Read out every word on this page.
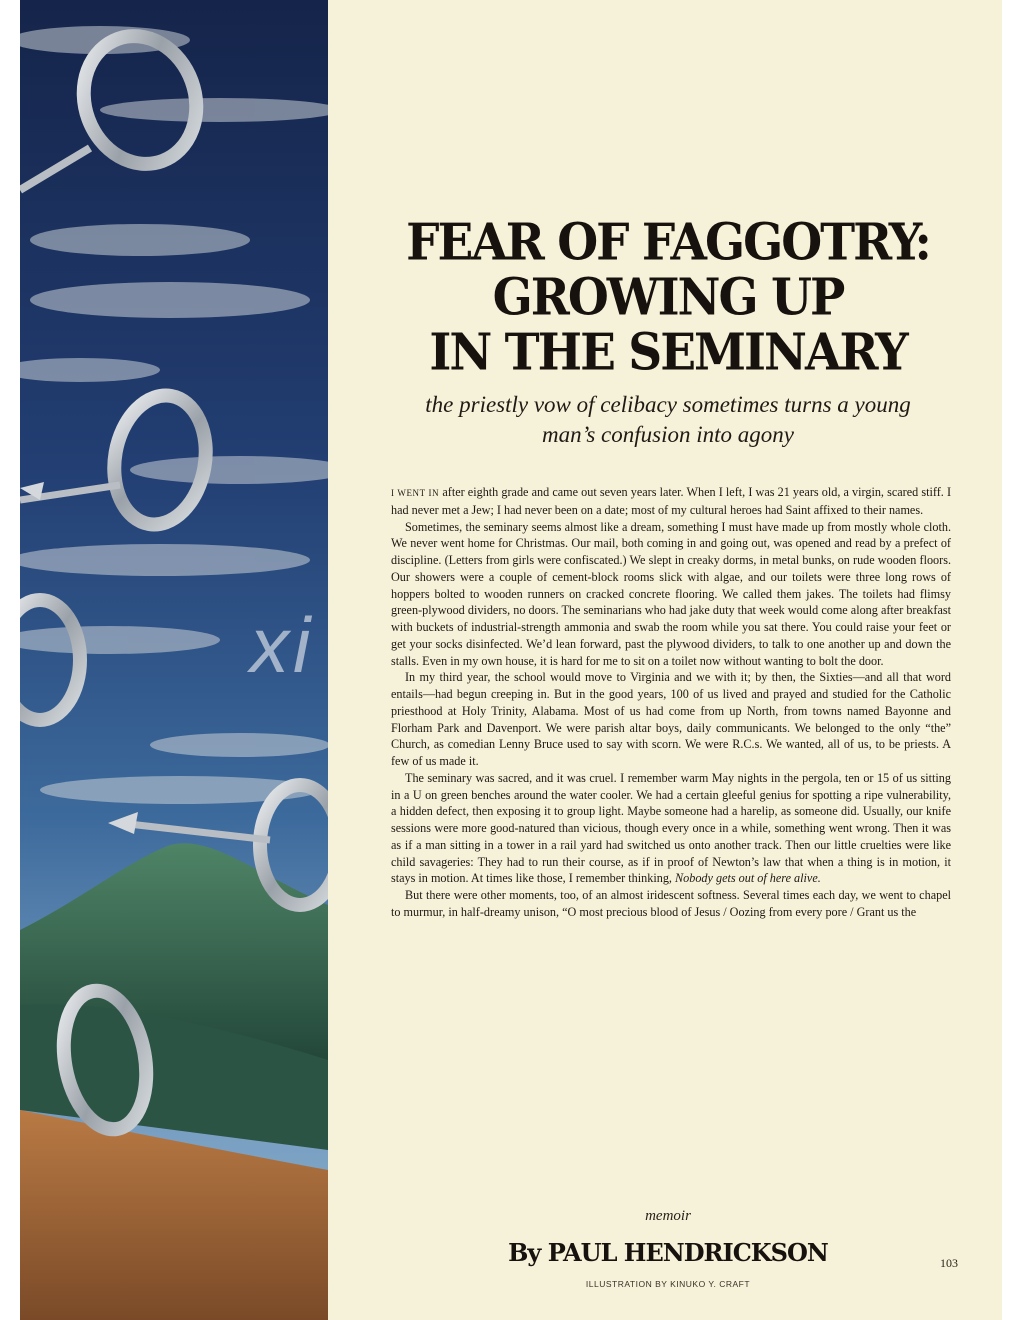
FEAR OF FAGGOTRY:
GROWING UP
IN THE SEMINARY

the priestly vow of celibacy sometimes turns a young
man’s confusion into agony

I WENT IN after eighth grade and came out seven years later. When I left, I was 21 years old, a virgin, scared stiff. I had never met a Jew; I had never been on a date; most of my cultural heroes had Saint affixed to their names.

Sometimes, the seminary seems almost like a dream, something I must have made up from mostly whole cloth. We never went home for Christmas. Our mail, both coming in and going out, was opened and read by a prefect of discipline. (Letters from girls were confiscated.) We slept in creaky dorms, in metal bunks, on rude wooden floors. Our showers were a couple of cement-block rooms slick with algae, and our toilets were three long rows of hoppers bolted to wooden runners on cracked concrete flooring. We called them jakes. The toilets had flimsy green-plywood dividers, no doors. The seminarians who had jake duty that week would come along after breakfast with buckets of industrial-strength ammonia and swab the room while you sat there. You could raise your feet or get your socks disinfected. We’d lean forward, past the plywood dividers, to talk to one another up and down the stalls. Even in my own house, it is hard for me to sit on a toilet now without wanting to bolt the door.

In my third year, the school would move to Virginia and we with it; by then, the Sixties—and all that word entails—had begun creeping in. But in the good years, 100 of us lived and prayed and studied for the Catholic priesthood at Holy Trinity, Alabama. Most of us had come from up North, from towns named Bayonne and Florham Park and Davenport. We were parish altar boys, daily communicants. We belonged to the only “the” Church, as comedian Lenny Bruce used to say with scorn. We were R.C.s. We wanted, all of us, to be priests. A few of us made it.

The seminary was sacred, and it was cruel. I remember warm May nights in the pergola, ten or 15 of us sitting in a U on green benches around the water cooler. We had a certain gleeful genius for spotting a ripe vulnerability, a hidden defect, then exposing it to group light. Maybe someone had a harelip, as someone did. Usually, our knife sessions were more good-natured than vicious, though every once in a while, something went wrong. Then it was as if a man sitting in a tower in a rail yard had switched us onto another track. Then our little cruelties were like child savageries: They had to run their course, as if in proof of Newton’s law that when a thing is in motion, it stays in motion. At times like those, I remember thinking, Nobody gets out of here alive.

But there were other moments, too, of an almost iridescent softness. Several times each day, we went to chapel to murmur, in half-dreamy unison, “O most precious blood of Jesus / Oozing from every pore / Grant us the

memoir
By PAUL HENDRICKSON
ILLUSTRATION BY KINUKO Y. CRAFT
103
xi
